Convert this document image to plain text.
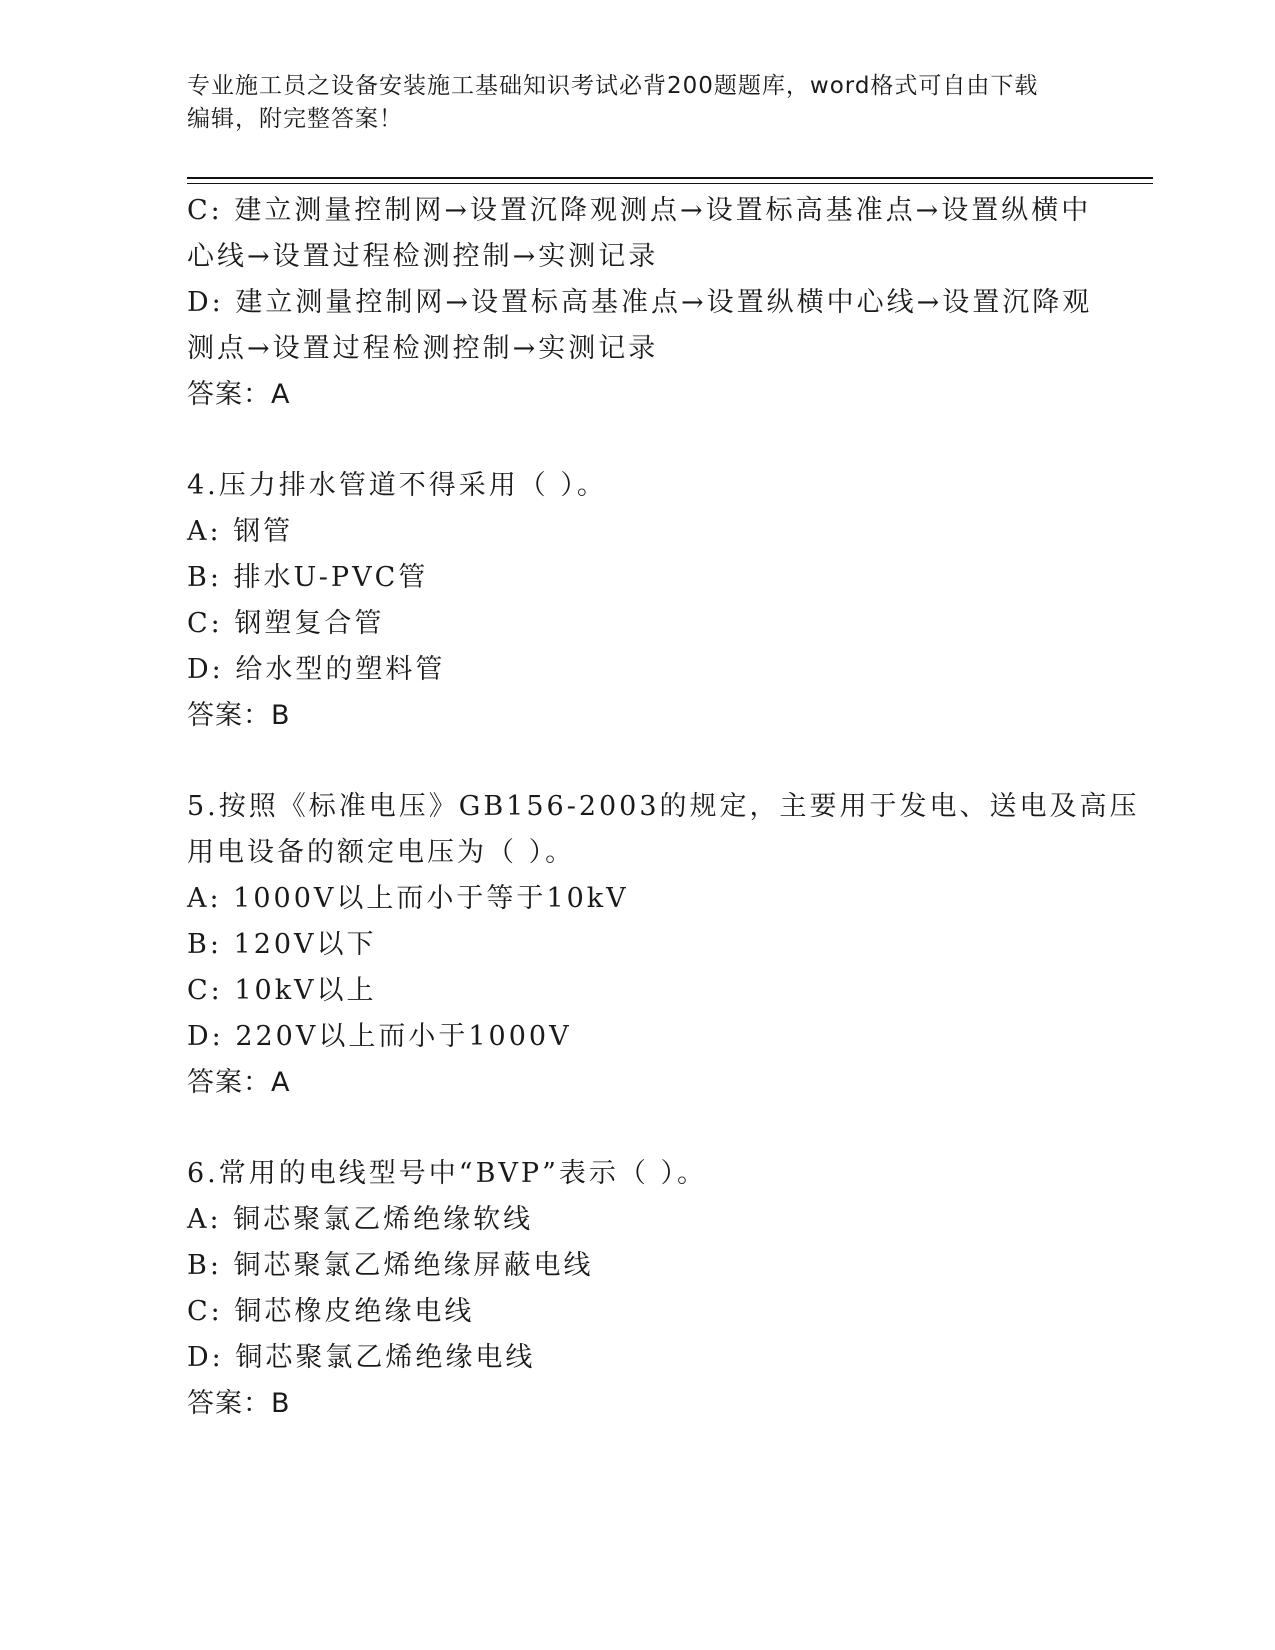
专业施工员之设备安装施工基础知识考试必背200题题库，word格式可自由下载
编辑，附完整答案！
C: 建立测量控制网→设置沉降观测点→设置标高基准点→设置纵横中
心线→设置过程检测控制→实测记录
D: 建立测量控制网→设置标高基准点→设置纵横中心线→设置沉降观
测点→设置过程检测控制→实测记录
答案：A
4.压力排水管道不得采用（ ）。
A: 钢管
B: 排水U-PVC管
C: 钢塑复合管
D: 给水型的塑料管
答案：B
5.按照《标准电压》GB156-2003的规定，主要用于发电、送电及高压
用电设备的额定电压为（ ）。
A: 1000V以上而小于等于10kV
B: 120V以下
C: 10kV以上
D: 220V以上而小于1000V
答案：A
6.常用的电线型号中“BVP”表示（ ）。
A: 铜芯聚氯乙烯绝缘软线
B: 铜芯聚氯乙烯绝缘屏蔽电线
C: 铜芯橡皮绝缘电线
D: 铜芯聚氯乙烯绝缘电线
答案：B
